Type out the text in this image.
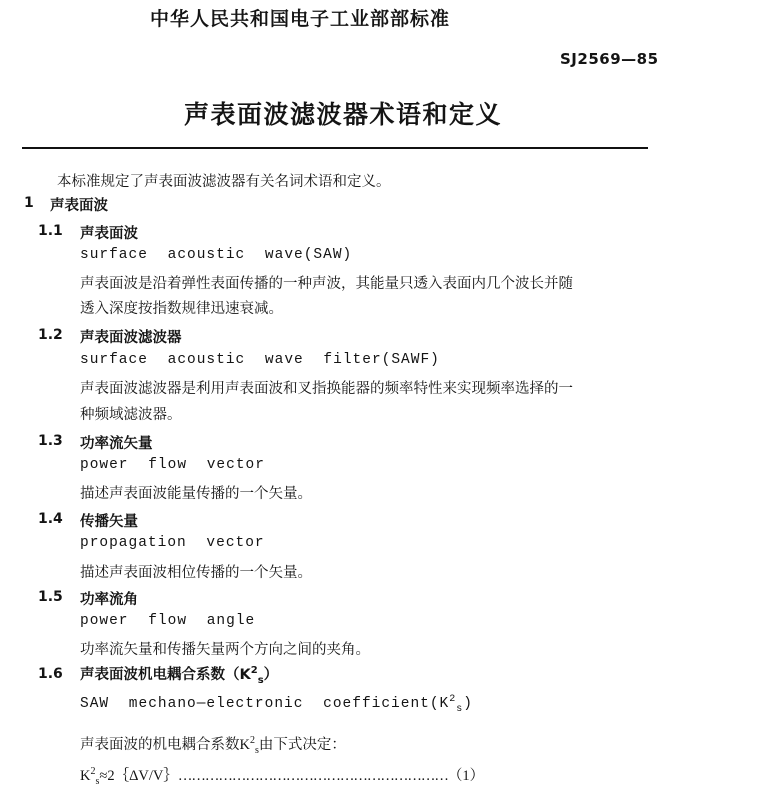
中华人民共和国电子工业部部标准
SJ2569—85
声表面波滤波器术语和定义
本标准规定了声表面波滤波器有关名词术语和定义。
1 声表面波
1.1 声表面波
surface acoustic wave(SAW)
声表面波是沿着弹性表面传播的一种声波，其能量只透入表面内几个波长并随
透入深度按指数规律迅速衰减。
1.2 声表面波滤波器
surface acoustic wave filter(SAWF)
声表面波滤波器是利用声表面波和叉指换能器的频率特性来实现频率选择的一
种频域滤波器。
1.3 功率流矢量
power flow vector
描述声表面波能量传播的一个矢量。
1.4 传播矢量
propagation vector
描述声表面波相位传播的一个矢量。
1.5 功率流角
power flow angle
功率流矢量和传播矢量两个方向之间的夹角。
1.6 声表面波机电耦合系数$(K^2_s)$
SAW mechano—electronic $coefficient(K^2_s)$
声表面波的机电耦合系数$K^2_s$由下式决定：
$K^2_s\approx 2\{\Delta V/V\}\dots\dots\dots\dots\dots\dots\dots\dots\dots\dots\dots\dots\dots\dots\dots\dots\dots\dots\dots\dots(1)$
